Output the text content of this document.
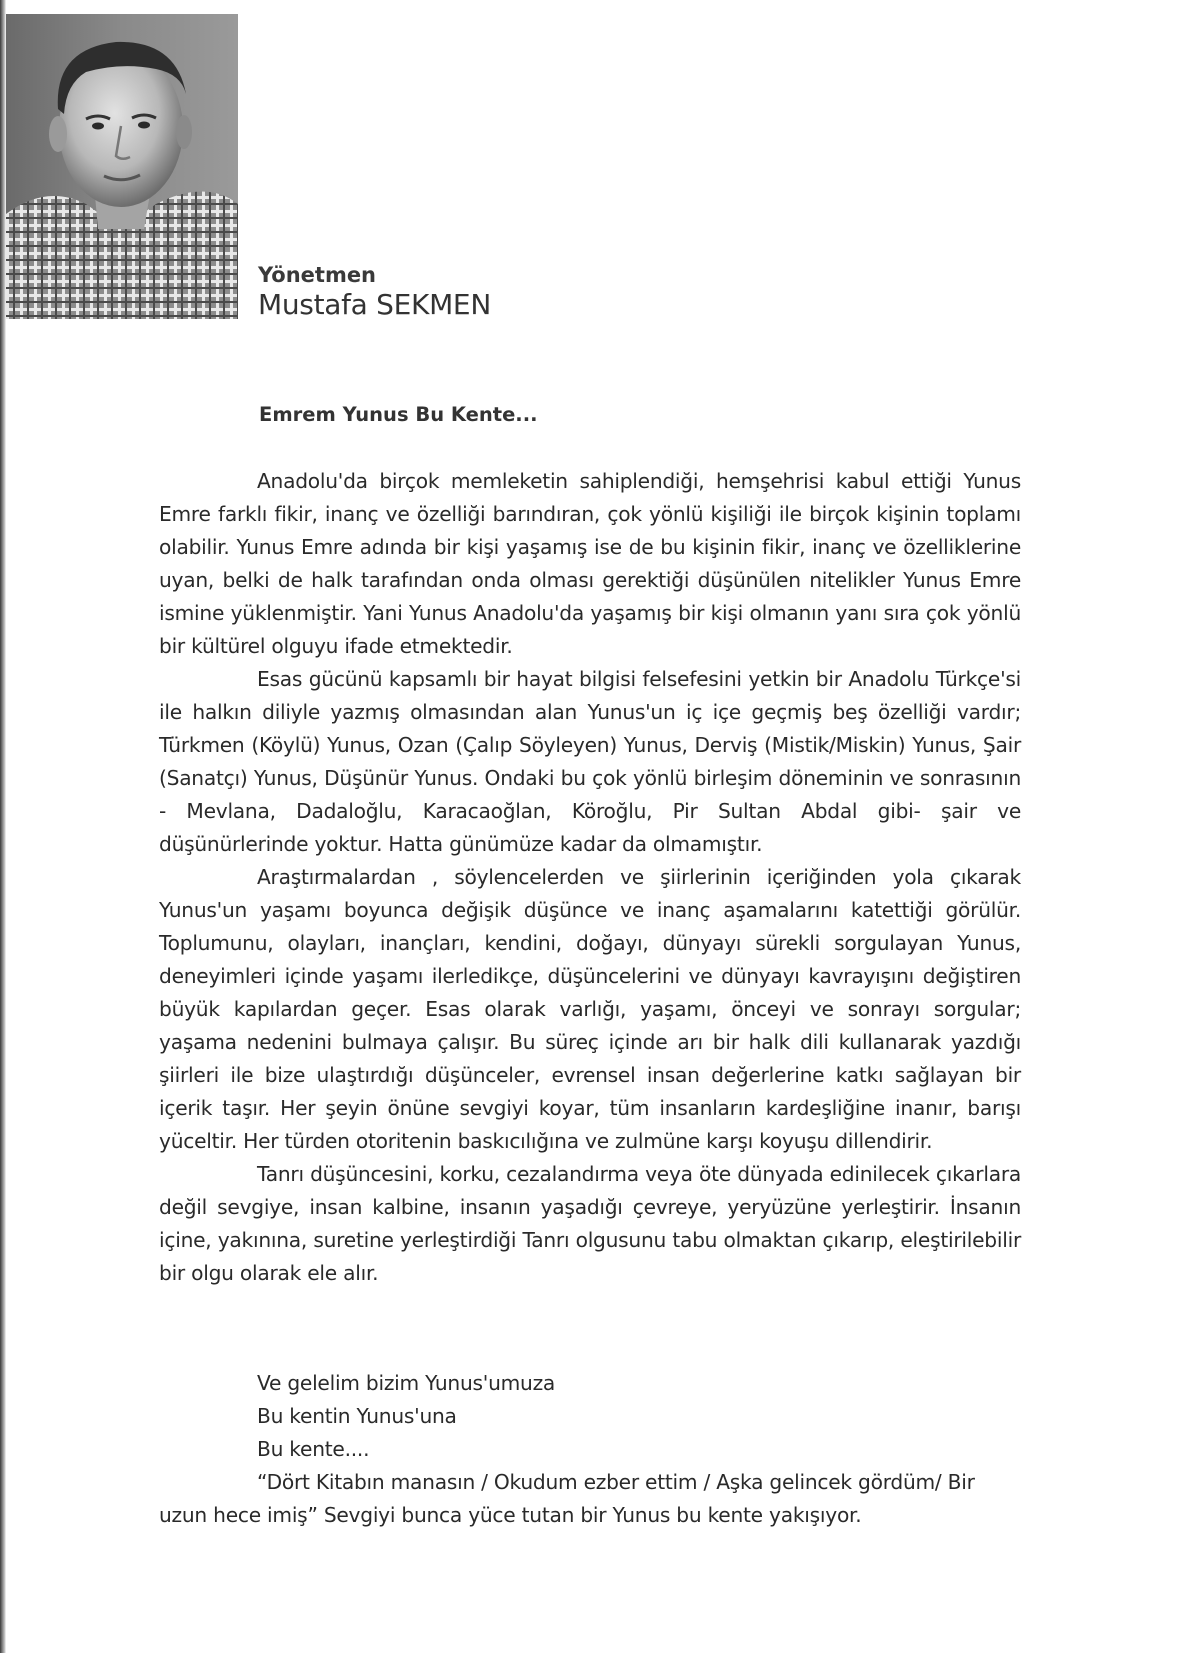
Yönetmen
Mustafa SEKMEN
Emrem Yunus Bu Kente...

Anadolu'da birçok memleketin sahiplendiği, hemşehrisi kabul ettiği Yunus Emre farklı fikir, inanç ve özelliği barındıran, çok yönlü kişiliği ile birçok kişinin toplamı olabilir. Yunus Emre adında bir kişi yaşamış ise de bu kişinin fikir, inanç ve özelliklerine uyan, belki de halk tarafından onda olması gerektiği düşünülen nitelikler Yunus Emre ismine yüklenmiştir. Yani Yunus Anadolu'da yaşamış bir kişi olmanın yanı sıra çok yönlü bir kültürel olguyu ifade etmektedir.

Esas gücünü kapsamlı bir hayat bilgisi felsefesini yetkin bir Anadolu Türkçe'si ile halkın diliyle yazmış olmasından alan Yunus'un iç içe geçmiş beş özelliği vardır; Türkmen (Köylü) Yunus, Ozan (Çalıp Söyleyen) Yunus, Derviş (Mistik/Miskin) Yunus, Şair (Sanatçı) Yunus, Düşünür Yunus. Ondaki bu çok yönlü birleşim döneminin ve sonrasının - Mevlana, Dadaloğlu, Karacaoğlan, Köroğlu, Pir Sultan Abdal gibi- şair ve düşünürlerinde yoktur. Hatta günümüze kadar da olmamıştır.

Araştırmalardan , söylencelerden ve şiirlerinin içeriğinden yola çıkarak Yunus'un yaşamı boyunca değişik düşünce ve inanç aşamalarını katettiği görülür. Toplumunu, olayları, inançları, kendini, doğayı, dünyayı sürekli sorgulayan Yunus, deneyimleri içinde yaşamı ilerledikçe, düşüncelerini ve dünyayı kavrayışını değiştiren büyük kapılardan geçer. Esas olarak varlığı, yaşamı, önceyi ve sonrayı sorgular; yaşama nedenini bulmaya çalışır. Bu süreç içinde arı bir halk dili kullanarak yazdığı şiirleri ile bize ulaştırdığı düşünceler, evrensel insan değerlerine katkı sağlayan bir içerik taşır. Her şeyin önüne sevgiyi koyar, tüm insanların kardeşliğine inanır, barışı yüceltir. Her türden otoritenin baskıcılığına ve zulmüne karşı koyuşu dillendirir.

Tanrı düşüncesini, korku, cezalandırma veya öte dünyada edinilecek çıkarlara değil sevgiye, insan kalbine, insanın yaşadığı çevreye, yeryüzüne yerleştirir. İnsanın içine, yakınına, suretine yerleştirdiği Tanrı olgusunu tabu olmaktan çıkarıp, eleştirilebilir bir olgu olarak ele alır.

Ve gelelim bizim Yunus'umuza
Bu kentin Yunus'una
Bu kente....

“Dört Kitabın manasın / Okudum ezber ettim / Aşka gelincek gördüm/ Bir uzun hece imiş” Sevgiyi bunca yüce tutan bir Yunus bu kente yakışıyor.
